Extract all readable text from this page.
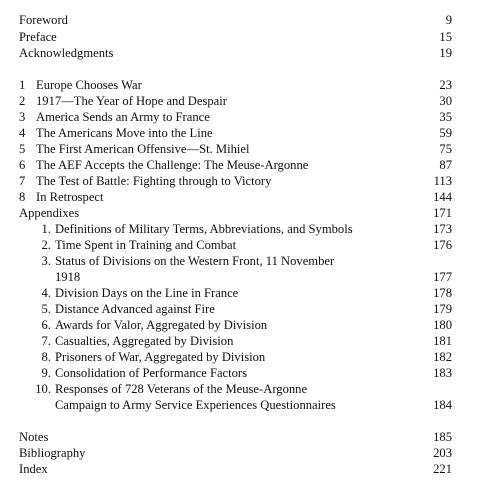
Foreword	9
Preface	15
Acknowledgments	19
1 Europe Chooses War	23
2 1917—The Year of Hope and Despair	30
3 America Sends an Army to France	35
4 The Americans Move into the Line	59
5 The First American Offensive—St. Mihiel	75
6 The AEF Accepts the Challenge: The Meuse-Argonne	87
7 The Test of Battle: Fighting through to Victory	113
8 In Retrospect	144
Appendixes	171
1. Definitions of Military Terms, Abbreviations, and Symbols	173
2. Time Spent in Training and Combat	176
3. Status of Divisions on the Western Front, 11 November
1918	177
4. Division Days on the Line in France	178
5. Distance Advanced against Fire	179
6. Awards for Valor, Aggregated by Division	180
7. Casualties, Aggregated by Division	181
8. Prisoners of War, Aggregated by Division	182
9. Consolidation of Performance Factors	183
10. Responses of 728 Veterans of the Meuse-Argonne
Campaign to Army Service Experiences Questionnaires	184
Notes	185
Bibliography	203
Index	221
